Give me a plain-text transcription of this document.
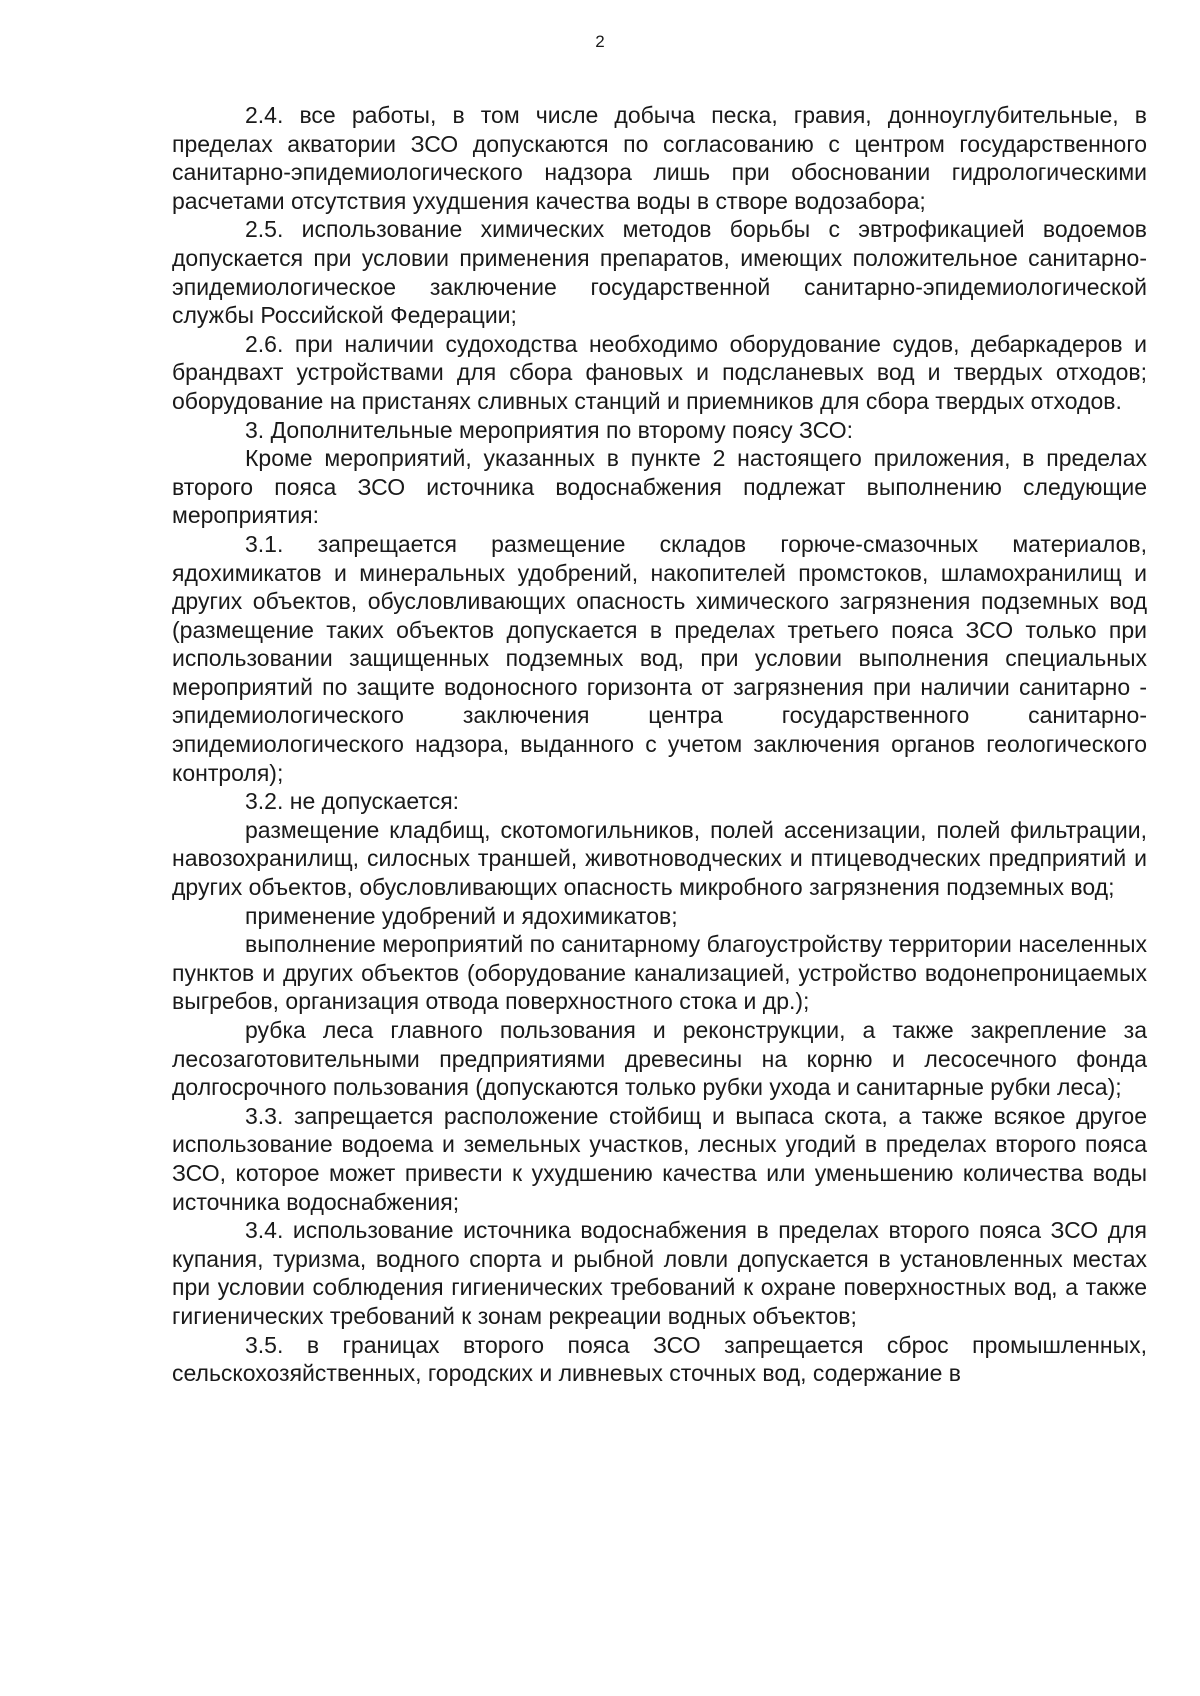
2

2.4. все работы, в том числе добыча песка, гравия, донноуглубительные, в пределах акватории ЗСО допускаются по согласованию с центром государственного санитарно-эпидемиологического надзора лишь при обосновании гидрологическими расчетами отсутствия ухудшения качества воды в створе водозабора;

2.5. использование химических методов борьбы с эвтрофикацией водоемов допускается при условии применения препаратов, имеющих положительное санитарно-эпидемиологическое заключение государственной санитарно-эпидемиологической службы Российской Федерации;

2.6. при наличии судоходства необходимо оборудование судов, дебаркадеров и брандвахт устройствами для сбора фановых и подсланевых вод и твердых отходов; оборудование на пристанях сливных станций и приемников для сбора твердых отходов.

3. Дополнительные мероприятия по второму поясу ЗСО:

Кроме мероприятий, указанных в пункте 2 настоящего приложения, в пределах второго пояса ЗСО источника водоснабжения подлежат выполнению следующие мероприятия:

3.1. запрещается размещение складов горюче-смазочных материалов, ядохимикатов и минеральных удобрений, накопителей промстоков, шламохранилищ и других объектов, обусловливающих опасность химического загрязнения подземных вод (размещение таких объектов допускается в пределах третьего пояса ЗСО только при использовании защищенных подземных вод, при условии выполнения специальных мероприятий по защите водоносного горизонта от загрязнения при наличии санитарно - эпидемиологического заключения центра государственного санитарно-эпидемиологического надзора, выданного с учетом заключения органов геологического контроля);

3.2. не допускается:

размещение кладбищ, скотомогильников, полей ассенизации, полей фильтрации, навозохранилищ, силосных траншей, животноводческих и птицеводческих предприятий и других объектов, обусловливающих опасность микробного загрязнения подземных вод;

применение удобрений и ядохимикатов;

выполнение мероприятий по санитарному благоустройству территории населенных пунктов и других объектов (оборудование канализацией, устройство водонепроницаемых выгребов, организация отвода поверхностного стока и др.);

рубка леса главного пользования и реконструкции, а также закрепление за лесозаготовительными предприятиями древесины на корню и лесосечного фонда долгосрочного пользования (допускаются только рубки ухода и санитарные рубки леса);

3.3. запрещается расположение стойбищ и выпаса скота, а также всякое другое использование водоема и земельных участков, лесных угодий в пределах второго пояса ЗСО, которое может привести к ухудшению качества или уменьшению количества воды источника водоснабжения;

3.4. использование источника водоснабжения в пределах второго пояса ЗСО для купания, туризма, водного спорта и рыбной ловли допускается в установленных местах при условии соблюдения гигиенических требований к охране поверхностных вод, а также гигиенических требований к зонам рекреации водных объектов;

3.5. в границах второго пояса ЗСО запрещается сброс промышленных, сельскохозяйственных, городских и ливневых сточных вод, содержание в
